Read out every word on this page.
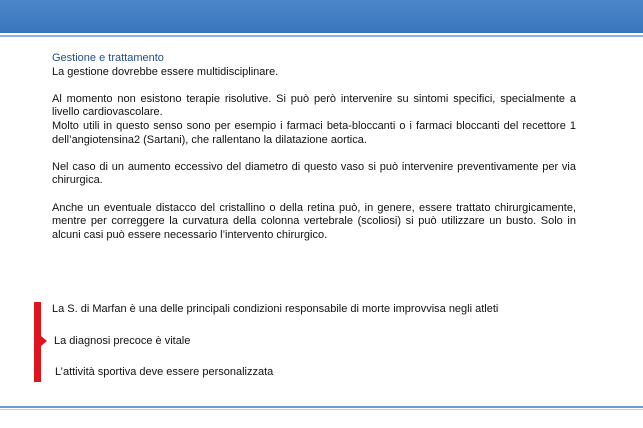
Gestione e trattamento

La gestione dovrebbe essere multidisciplinare.

Al momento non esistono terapie risolutive. Si può però intervenire su sintomi specifici, specialmente a livello cardiovascolare.

Molto utili in questo senso sono per esempio i farmaci beta-bloccanti o i farmaci bloccanti del recettore 1 dell’angiotensina2 (Sartani), che rallentano la dilatazione aortica.

Nel caso di un aumento eccessivo del diametro di questo vaso si può intervenire preventivamente per via chirurgica.

Anche un eventuale distacco del cristallino o della retina può, in genere, essere trattato chirurgicamente, mentre per correggere la curvatura della colonna vertebrale (scoliosi) si può utilizzare un busto. Solo in alcuni casi può essere necessario l’intervento chirurgico.

La S. di Marfan è una delle principali condizioni responsabile di morte improvvisa negli atleti
La diagnosi precoce è vitale
L’attività sportiva deve essere personalizzata
